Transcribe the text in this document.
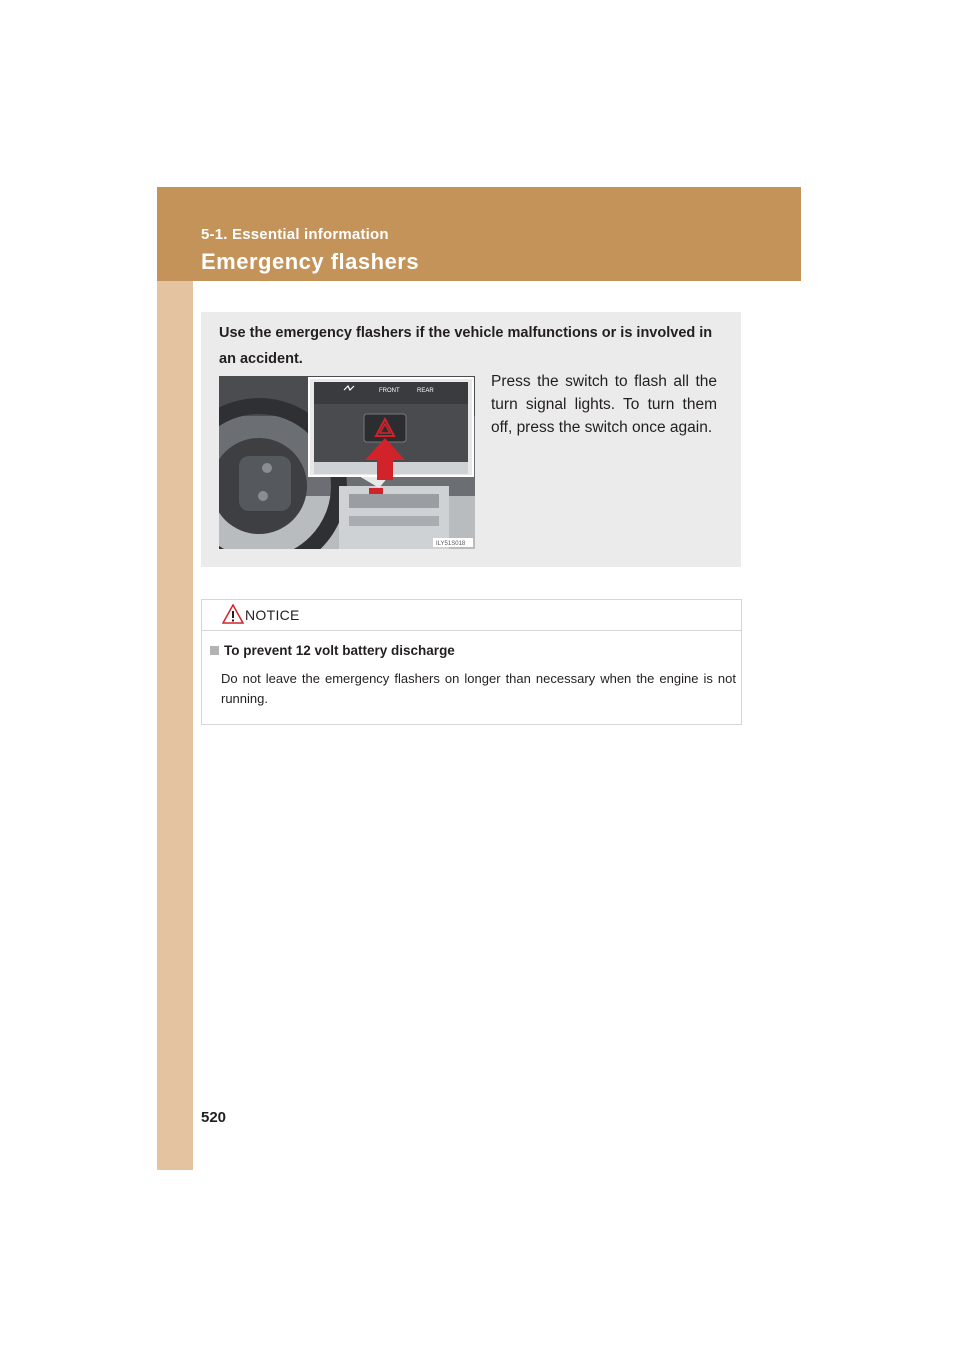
5-1. Essential information
Emergency flashers

Use the emergency flashers if the vehicle malfunctions or is involved in an accident.

FRONT	REAR
ILY51S018

Press the switch to flash all the turn signal lights. To turn them off, press the switch once again.

NOTICE
To prevent 12 volt battery discharge

Do not leave the emergency flashers on longer than necessary when the engine is not running.

520
